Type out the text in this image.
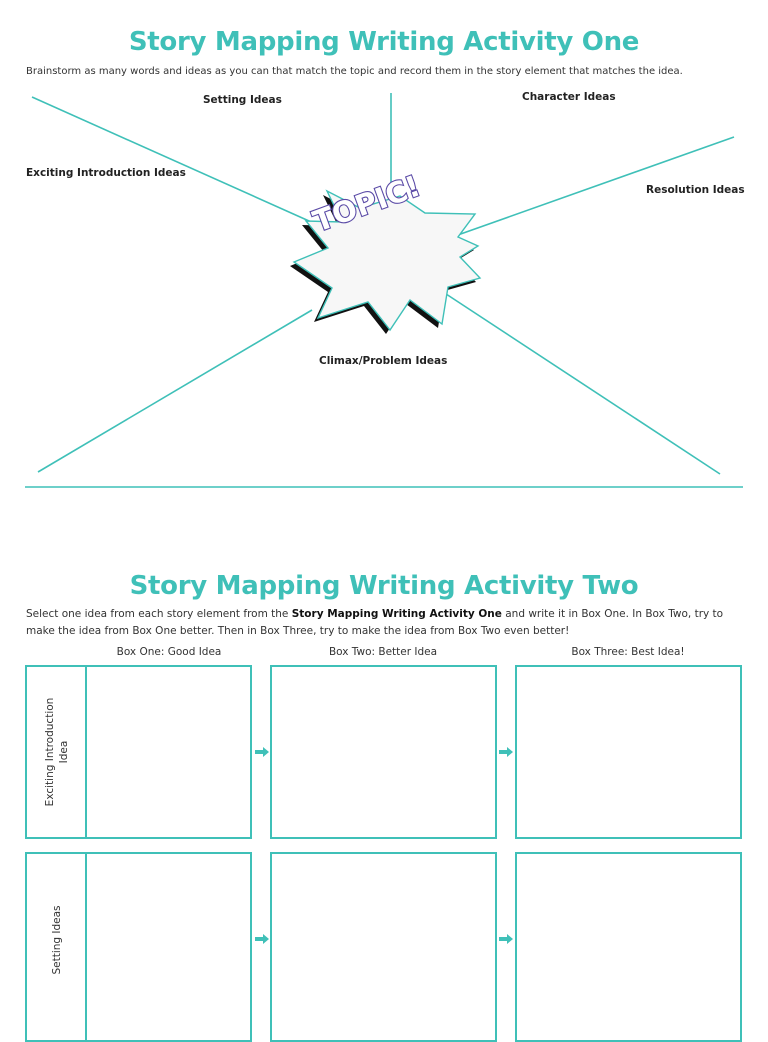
Story Mapping Writing Activity One
Brainstorm as many words and ideas as you can that match the topic and record them in the story element that matches the idea.
TOPIC!
Setting Ideas	Character Ideas
Exciting Introduction Ideas
Resolution Ideas
Climax/Problem Ideas
Story Mapping Writing Activity Two
Select one idea from each story element from the Story Mapping Writing Activity One and write it in Box One. In Box Two, try to make the idea from Box One better. Then in Box Three, try to make the idea from Box Two even better!
Box One: Good Idea	Box Two: Better Idea	Box Three: Best Idea!
Exciting Introduction Idea
Setting Ideas
